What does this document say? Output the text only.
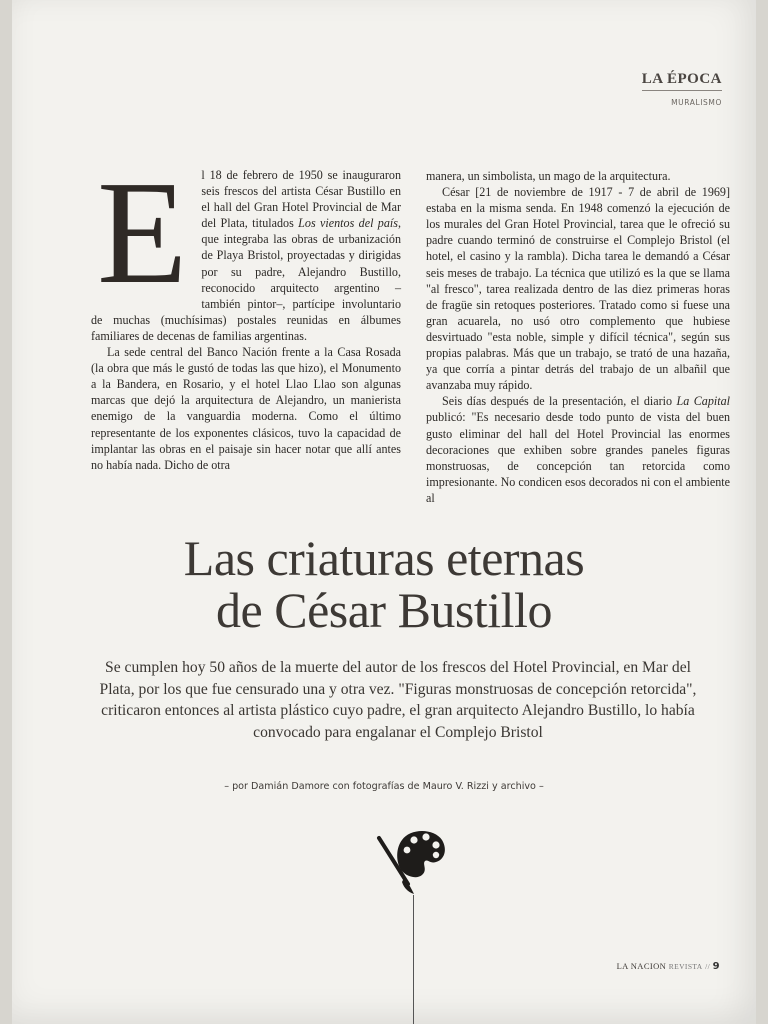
LA ÉPOCA
MURALISMO
E	l 18 de febrero de 1950 se inauguraron seis frescos del artista César Bustillo en el hall del Gran Hotel Provincial de Mar del Plata, titulados Los vientos del país, que integraba las obras de urbanización de Playa Bristol, proyectadas y dirigidas por su padre, Alejandro Bustillo, reconocido arquitecto argentino –también pintor–, partícipe involuntario de muchas (muchísimas) postales reunidas en álbumes familiares de decenas de familias argentinas.

La sede central del Banco Nación frente a la Casa Rosada (la obra que más le gustó de todas las que hizo), el Monumento a la Bandera, en Rosario, y el hotel Llao Llao son algunas marcas que dejó la arquitectura de Alejandro, un manierista enemigo de la vanguardia moderna. Como el último representante de los exponentes clásicos, tuvo la capacidad de implantar las obras en el paisaje sin hacer notar que allí antes no había nada. Dicho de otra

manera, un simbolista, un mago de la arquitectura.

César [21 de noviembre de 1917 - 7 de abril de 1969] estaba en la misma senda. En 1948 comenzó la ejecución de los murales del Gran Hotel Provincial, tarea que le ofreció su padre cuando terminó de construirse el Complejo Bristol (el hotel, el casino y la rambla). Dicha tarea le demandó a César seis meses de trabajo. La técnica que utilizó es la que se llama "al fresco", tarea realizada dentro de las diez primeras horas de fragüe sin retoques posteriores. Tratado como si fuese una gran acuarela, no usó otro complemento que hubiese desvirtuado "esta noble, simple y difícil técnica", según sus propias palabras. Más que un trabajo, se trató de una hazaña, ya que corría a pintar detrás del trabajo de un albañil que avanzaba muy rápido.

Seis días después de la presentación, el diario La Capital publicó: "Es necesario desde todo punto de vista del buen gusto eliminar del hall del Hotel Provincial las enormes decoraciones que exhiben sobre grandes paneles figuras monstruosas, de concepción tan retorcida como impresionante. No condicen esos decorados ni con el ambiente al

Las criaturas eternas
de César Bustillo
Se cumplen hoy 50 años de la muerte del autor de los frescos del Hotel Provincial, en Mar del Plata, por los que fue censurado una y otra vez. "Figuras monstruosas de concepción retorcida", criticaron entonces al artista plástico cuyo padre, el gran arquitecto Alejandro Bustillo, lo había convocado para engalanar el Complejo Bristol
– por Damián Damore con fotografías de Mauro V. Rizzi y archivo –
LA NACION REVISTA // 9
